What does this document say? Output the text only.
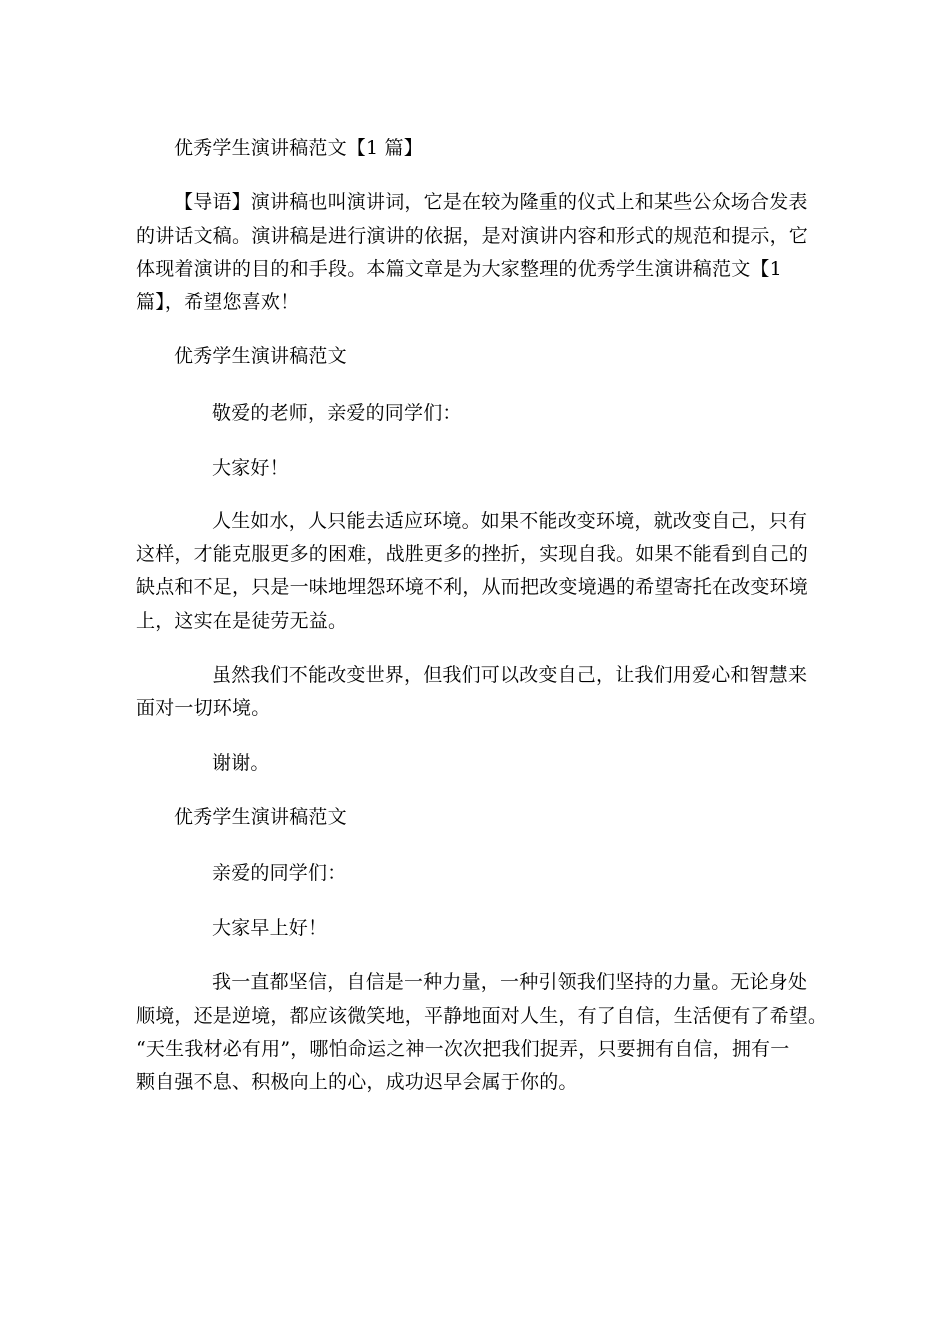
优秀学生演讲稿范文【1 篇】
【导语】演讲稿也叫演讲词，它是在较为隆重的仪式上和某些公众场合发表
的讲话文稿。演讲稿是进行演讲的依据，是对演讲内容和形式的规范和提示，它
体现着演讲的目的和手段。本篇文章是为大家整理的优秀学生演讲稿范文【1
篇】，希望您喜欢！
优秀学生演讲稿范文
敬爱的老师，亲爱的同学们：
大家好！
人生如水，人只能去适应环境。如果不能改变环境，就改变自己，只有
这样，才能克服更多的困难，战胜更多的挫折，实现自我。如果不能看到自己的
缺点和不足，只是一味地埋怨环境不利，从而把改变境遇的希望寄托在改变环境
上，这实在是徒劳无益。
虽然我们不能改变世界，但我们可以改变自己，让我们用爱心和智慧来
面对一切环境。
谢谢。
优秀学生演讲稿范文
亲爱的同学们：
大家早上好！
我一直都坚信，自信是一种力量，一种引领我们坚持的力量。无论身处
顺境，还是逆境，都应该微笑地，平静地面对人生，有了自信，生活便有了希望。
“天生我材必有用”，哪怕命运之神一次次把我们捉弄，只要拥有自信，拥有一
颗自强不息、积极向上的心，成功迟早会属于你的。
